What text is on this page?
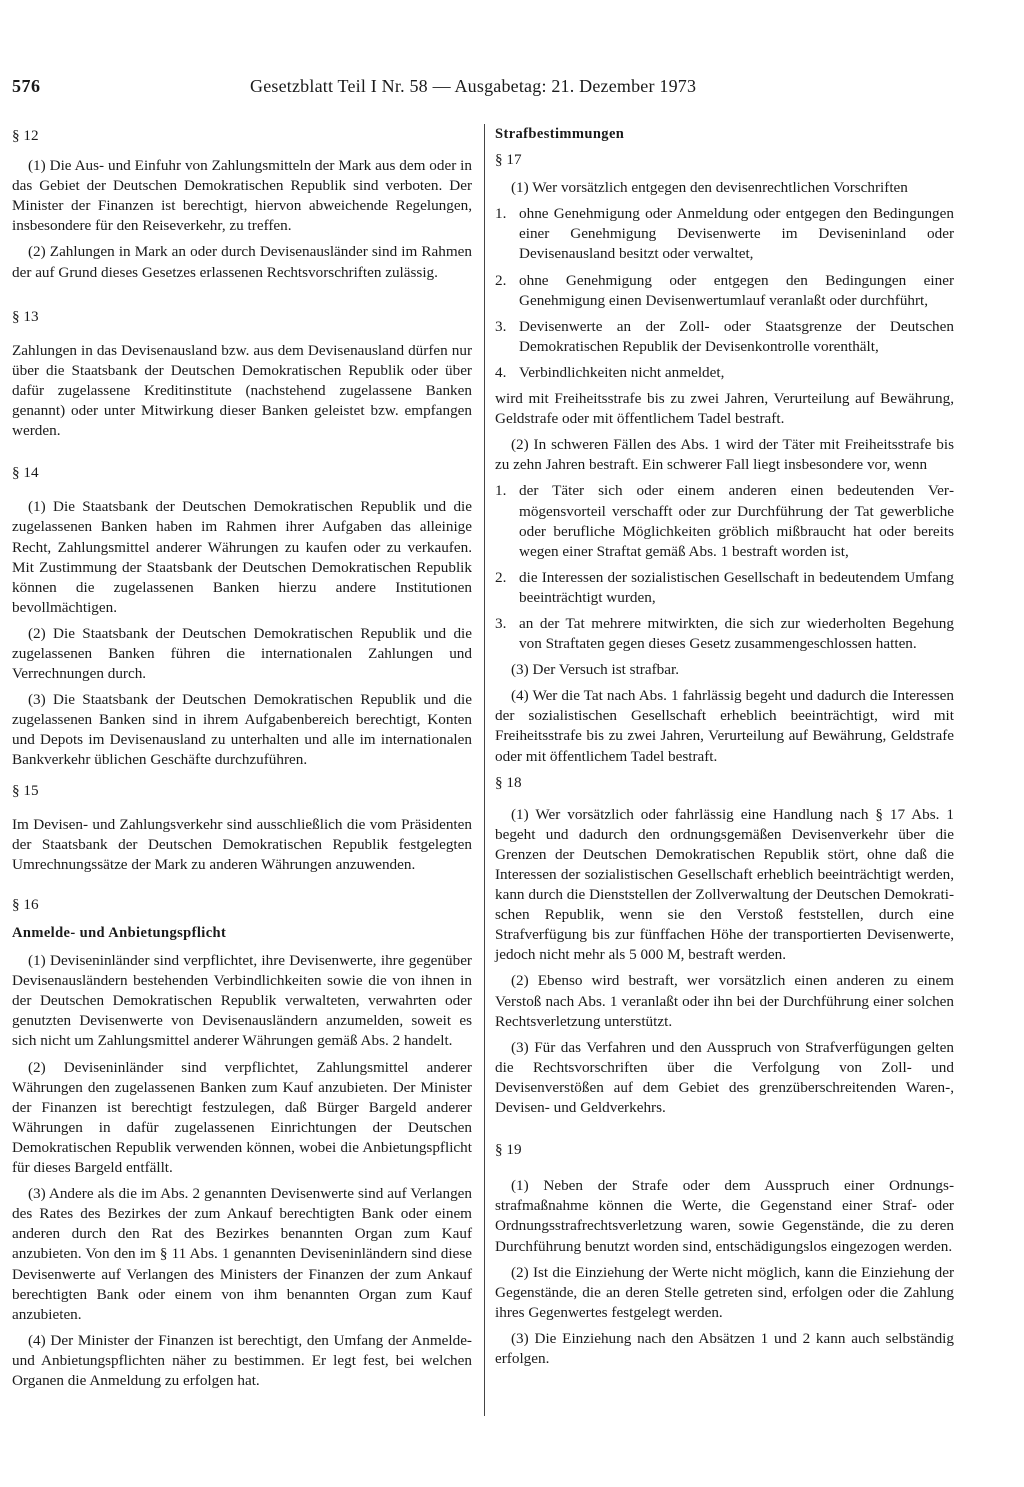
576	Gesetzblatt Teil I Nr. 58 — Ausgabetag: 21. Dezember 1973

§ 12

(1) Die Aus- und Einfuhr von Zahlungsmitteln der Mark aus dem oder in das Gebiet der Deutschen Demokratischen Republik sind verboten. Der Minister der Finanzen ist berechtigt, hiervon abweichende Regelungen, insbesondere für den Reiseverkehr, zu treffen.

(2) Zahlungen in Mark an oder durch Devisenausländer sind im Rahmen der auf Grund dieses Gesetzes erlassenen Rechtsvorschriften zulässig.

§ 13

Zahlungen in das Devisenausland bzw. aus dem Devisenausland dürfen nur über die Staatsbank der Deutschen Demokratischen Republik oder über dafür zugelassene Kreditinstitute (nachstehend zugelassene Banken genannt) oder unter Mitwirkung dieser Banken geleistet bzw. empfangen werden.

§ 14

(1) Die Staatsbank der Deutschen Demokratischen Republik und die zugelassenen Banken haben im Rahmen ihrer Aufgaben das alleinige Recht, Zahlungsmittel anderer Währungen zu kaufen oder zu verkaufen. Mit Zustimmung der Staatsbank der Deutschen Demokratischen Republik können die zugelassenen Banken hierzu andere Institutionen bevollmächtigen.

(2) Die Staatsbank der Deutschen Demokratischen Republik und die zugelassenen Banken führen die internationalen Zahlungen und Verrechnungen durch.

(3) Die Staatsbank der Deutschen Demokratischen Republik und die zugelassenen Banken sind in ihrem Aufgabenbereich berechtigt, Konten und Depots im Devisenausland zu unterhalten und alle im internationalen Bankverkehr üblichen Geschäfte durchzuführen.

§ 15

Im Devisen- und Zahlungsverkehr sind ausschließlich die vom Präsidenten der Staatsbank der Deutschen Demokratischen Republik festgelegten Umrechnungssätze der Mark zu anderen Währungen anzuwenden.

§ 16

Anmelde- und Anbietungspflicht

(1) Deviseninländer sind verpflichtet, ihre Devisenwerte, ihre gegenüber Devisenausländern bestehenden Verbindlichkeiten sowie die von ihnen in der Deutschen Demokratischen Republik verwalteten, verwahrten oder genutzten Devisenwerte von Devisenausländern anzumelden, soweit es sich nicht um Zahlungsmittel anderer Währungen gemäß Abs. 2 handelt.

(2) Deviseninländer sind verpflichtet, Zahlungsmittel anderer Währungen den zugelassenen Banken zum Kauf anzubieten. Der Minister der Finanzen ist berechtigt festzulegen, daß Bürger Bargeld anderer Währungen in dafür zugelassenen Einrichtungen der Deutschen Demokratischen Republik verwenden können, wobei die Anbietungspflicht für dieses Bargeld entfällt.

(3) Andere als die im Abs. 2 genannten Devisenwerte sind auf Verlangen des Rates des Bezirkes der zum Ankauf berechtigten Bank oder einem anderen durch den Rat des Bezirkes benannten Organ zum Kauf anzubieten. Von den im § 11 Abs. 1 genannten Deviseninländern sind diese Devisenwerte auf Verlangen des Ministers der Finanzen der zum Ankauf berechtigten Bank oder einem von ihm benannten Organ zum Kauf anzubieten.

(4) Der Minister der Finanzen ist berechtigt, den Umfang der Anmelde- und Anbietungspflichten näher zu bestimmen. Er legt fest, bei welchen Organen die Anmeldung zu erfolgen hat.

Strafbestimmungen

§ 17

(1) Wer vorsätzlich entgegen den devisenrechtlichen Vorschriften

1. ohne Genehmigung oder Anmeldung oder entgegen den Bedingungen einer Genehmigung Devisenwerte im Deviseninland oder Devisenausland besitzt oder verwaltet,
2. ohne Genehmigung oder entgegen den Bedingungen einer Genehmigung einen Devisenwertumlauf veranlaßt oder durchführt,
3. Devisenwerte an der Zoll- oder Staatsgrenze der Deutschen Demokratischen Republik der Devisenkontrolle vorenthält,
4. Verbindlichkeiten nicht anmeldet,

wird mit Freiheitsstrafe bis zu zwei Jahren, Verurteilung auf Bewährung, Geldstrafe oder mit öffentlichem Tadel bestraft.

(2) In schweren Fällen des Abs. 1 wird der Täter mit Freiheitsstrafe bis zu zehn Jahren bestraft. Ein schwerer Fall liegt insbesondere vor, wenn

1. der Täter sich oder einem anderen einen bedeutenden Vermögensvorteil verschafft oder zur Durchführung der Tat gewerbliche oder berufliche Möglichkeiten gröblich mißbraucht hat oder bereits wegen einer Straftat gemäß Abs. 1 bestraft worden ist,
2. die Interessen der sozialistischen Gesellschaft in bedeutendem Umfang beeinträchtigt wurden,
3. an der Tat mehrere mitwirkten, die sich zur wiederholten Begehung von Straftaten gegen dieses Gesetz zusammengeschlossen hatten.

(3) Der Versuch ist strafbar.

(4) Wer die Tat nach Abs. 1 fahrlässig begeht und dadurch die Interessen der sozialistischen Gesellschaft erheblich beeinträchtigt, wird mit Freiheitsstrafe bis zu zwei Jahren, Verurteilung auf Bewährung, Geldstrafe oder mit öffentlichem Tadel bestraft.

§ 18

(1) Wer vorsätzlich oder fahrlässig eine Handlung nach § 17 Abs. 1 begeht und dadurch den ordnungsgemäßen Devisenverkehr über die Grenzen der Deutschen Demokratischen Republik stört, ohne daß die Interessen der sozialistischen Gesellschaft erheblich beeinträchtigt werden, kann durch die Dienststellen der Zollverwaltung der Deutschen Demokratischen Republik, wenn sie den Verstoß feststellen, durch eine Strafverfügung bis zur fünffachen Höhe der transportierten Devisenwerte, jedoch nicht mehr als 5 000 M, bestraft werden.

(2) Ebenso wird bestraft, wer vorsätzlich einen anderen zu einem Verstoß nach Abs. 1 veranlaßt oder ihn bei der Durchführung einer solchen Rechtsverletzung unterstützt.

(3) Für das Verfahren und den Ausspruch von Strafverfügungen gelten die Rechtsvorschriften über die Verfolgung von Zoll- und Devisenverstößen auf dem Gebiet des grenzüberschreitenden Waren-, Devisen- und Geldverkehrs.

§ 19

(1) Neben der Strafe oder dem Ausspruch einer Ordnungsstrafmaßnahme können die Werte, die Gegenstand einer Straf- oder Ordnungsstrafrechtsverletzung waren, sowie Gegenstände, die zu deren Durchführung benutzt worden sind, entschädigungslos eingezogen werden.

(2) Ist die Einziehung der Werte nicht möglich, kann die Einziehung der Gegenstände, die an deren Stelle getreten sind, erfolgen oder die Zahlung ihres Gegenwertes festgelegt werden.

(3) Die Einziehung nach den Absätzen 1 und 2 kann auch selbständig erfolgen.
